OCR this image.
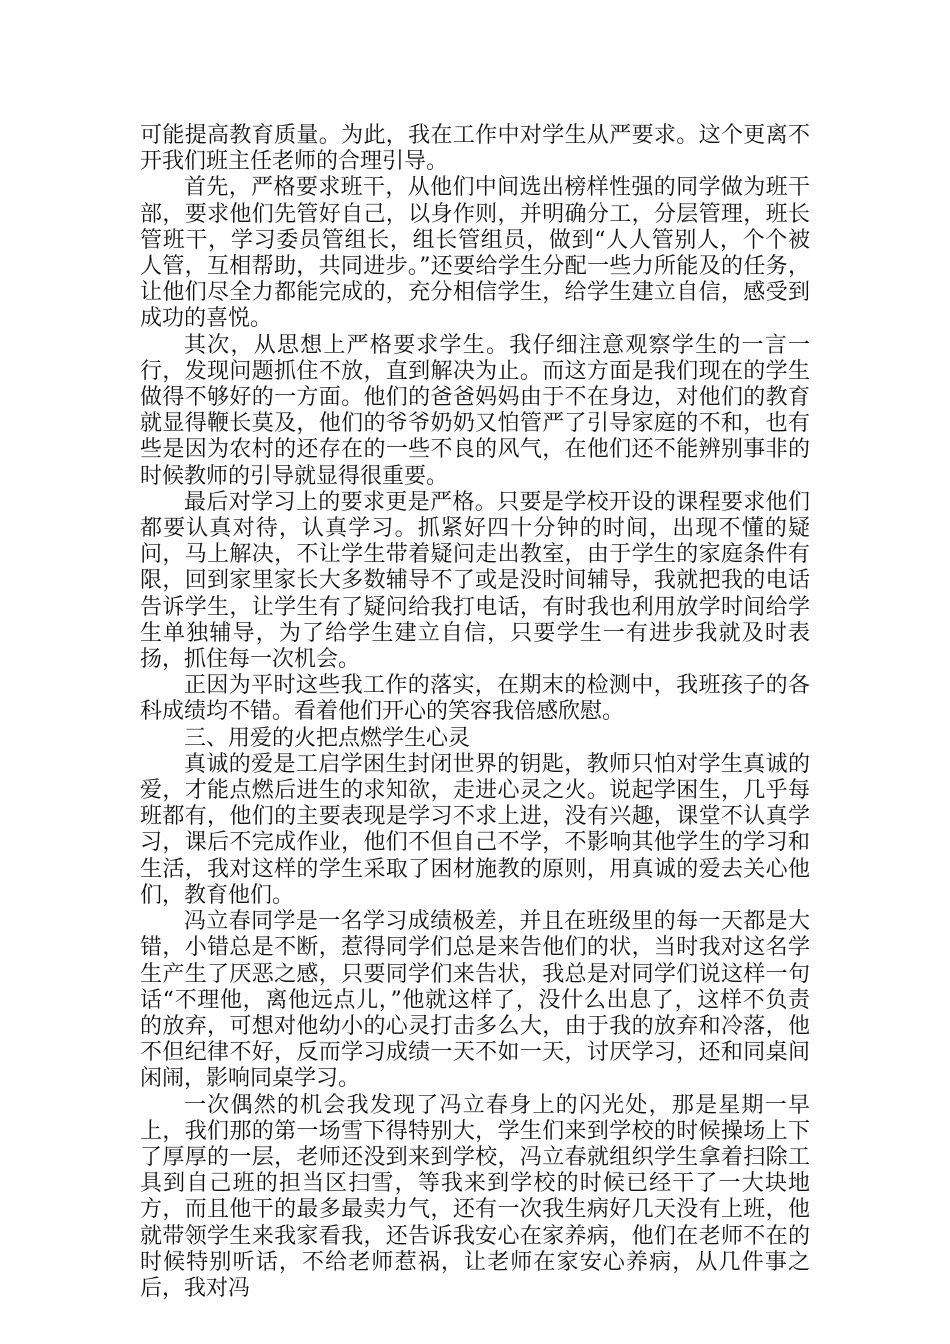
可能提高教育质量。为此，我在工作中对学生从严要求。这个更离不开我们班主任老师的合理引导。

首先，严格要求班干，从他们中间选出榜样性强的同学做为班干部，要求他们先管好自己，以身作则，并明确分工，分层管理，班长管班干，学习委员管组长，组长管组员，做到“人人管别人，个个被人管，互相帮助，共同进步。”还要给学生分配一些力所能及的任务，让他们尽全力都能完成的，充分相信学生，给学生建立自信，感受到成功的喜悦。

其次，从思想上严格要求学生。我仔细注意观察学生的一言一行，发现问题抓住不放，直到解决为止。而这方面是我们现在的学生做得不够好的一方面。他们的爸爸妈妈由于不在身边，对他们的教育就显得鞭长莫及，他们的爷爷奶奶又怕管严了引导家庭的不和，也有些是因为农村的还存在的一些不良的风气，在他们还不能辨别事非的时候教师的引导就显得很重要。

最后对学习上的要求更是严格。只要是学校开设的课程要求他们都要认真对待，认真学习。抓紧好四十分钟的时间，出现不懂的疑问，马上解决，不让学生带着疑问走出教室，由于学生的家庭条件有限，回到家里家长大多数辅导不了或是没时间辅导，我就把我的电话告诉学生，让学生有了疑问给我打电话，有时我也利用放学时间给学生单独辅导，为了给学生建立自信，只要学生一有进步我就及时表扬，抓住每一次机会。

正因为平时这些我工作的落实，在期末的检测中，我班孩子的各科成绩均不错。看着他们开心的笑容我倍感欣慰。

三、用爱的火把点燃学生心灵

真诚的爱是工启学困生封闭世界的钥匙，教师只怕对学生真诚的爱，才能点燃后进生的求知欲，走进心灵之火。说起学困生，几乎每班都有，他们的主要表现是学习不求上进，没有兴趣，课堂不认真学习，课后不完成作业，他们不但自己不学，不影响其他学生的学习和生活，我对这样的学生采取了困材施教的原则，用真诚的爱去关心他们，教育他们。

冯立春同学是一名学习成绩极差，并且在班级里的每一天都是大错，小错总是不断，惹得同学们总是来告他们的状，当时我对这名学生产生了厌恶之感，只要同学们来告状，我总是对同学们说这样一句话“不理他，离他远点儿，”他就这样了，没什么出息了，这样不负责的放弃，可想对他幼小的心灵打击多么大，由于我的放弃和冷落，他不但纪律不好，反而学习成绩一天不如一天，讨厌学习，还和同桌间闲闹，影响同桌学习。

一次偶然的机会我发现了冯立春身上的闪光处，那是星期一早上，我们那的第一场雪下得特别大，学生们来到学校的时候操场上下了厚厚的一层，老师还没到来到学校，冯立春就组织学生拿着扫除工具到自己班的担当区扫雪，等我来到学校的时候已经干了一大块地方，而且他干的最多最卖力气，还有一次我生病好几天没有上班，他就带领学生来我家看我，还告诉我安心在家养病，他们在老师不在的时候特别听话，不给老师惹祸，让老师在家安心养病，从几件事之后，我对冯
